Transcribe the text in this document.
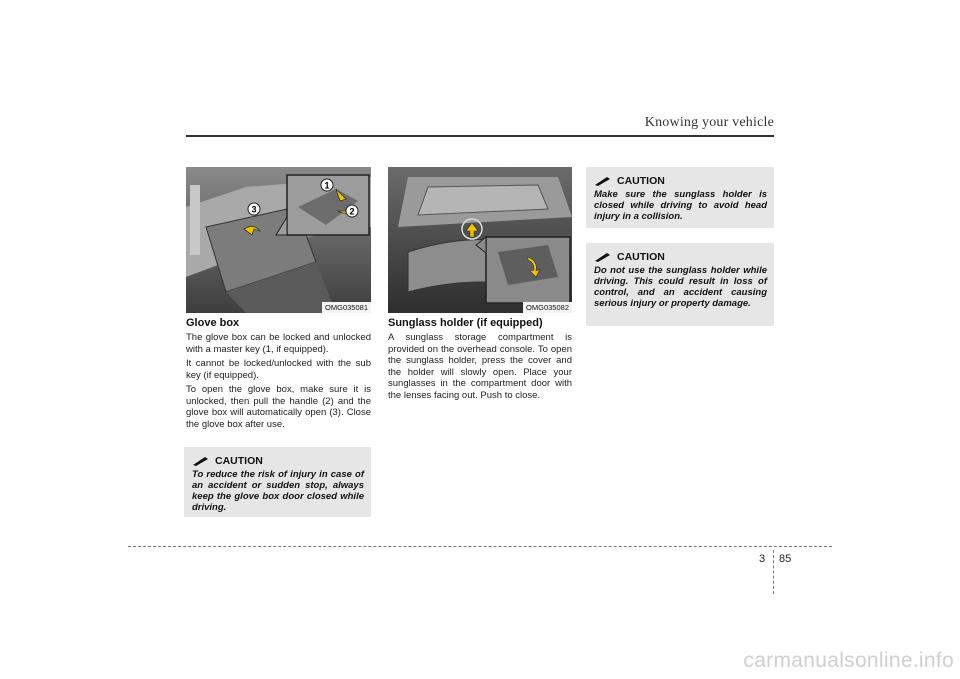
Knowing your vehicle
1
2
3
OMG035081	OMG035082
Glove box

The glove box can be locked and unlocked with a master key (1, if equipped).

It cannot be locked/unlocked with the sub key (if equipped).

To open the glove box, make sure it is unlocked, then pull the handle (2) and the glove box will automatically open (3). Close the glove box after use.

Sunglass holder (if equipped)

A sunglass storage compartment is provided on the overhead console. To open the sunglass holder, press the cover and the holder will slowly open. Place your sunglasses in the compartment door with the lenses facing out. Push to close.

CAUTION
To reduce the risk of injury in case of an accident or sudden stop, always keep the glove box door closed while driving.
CAUTION
Make sure the sunglass holder is closed while driving to avoid head injury in a collision.
CAUTION
Do not use the sunglass holder while driving. This could result in loss of control, and an accident causing serious injury or property damage.
3 85
carmanualsonline.info
